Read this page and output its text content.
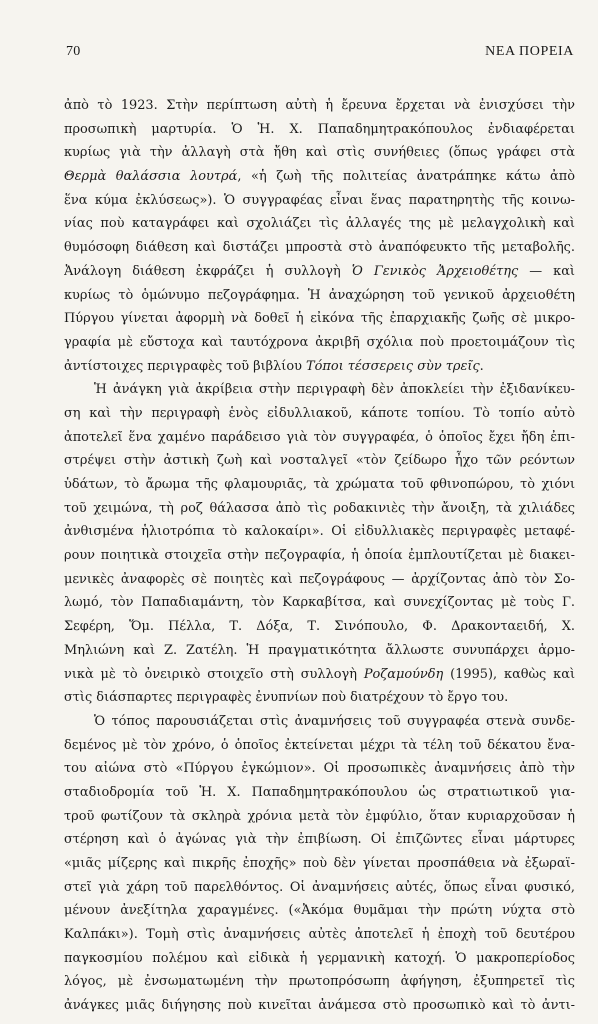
70	ΝΕΑ ΠΟΡΕΙΑ
ἀπὸ τὸ 1923. Στὴν περίπτωση αὐτὴ ἡ ἔρευνα ἔρχεται νὰ ἐνισχύσει τὴν
προσωπικὴ μαρτυρία. Ὁ Ἡ. Χ. Παπαδημητρακόπουλος ἐνδιαφέρεται
κυρίως γιὰ τὴν ἀλλαγὴ στὰ ἤθη καὶ στὶς συνήθειες (ὅπως γράφει στὰ
Θερμὰ θαλάσσια λουτρά, «ἡ ζωὴ τῆς πολιτείας ἀνατράπηκε κάτω ἀπὸ
ἕνα κύμα ἐκλύσεως»). Ὁ συγγραφέας εἶναι ἕνας παρατηρητὴς τῆς κοινω-
νίας ποὺ καταγράφει καὶ σχολιάζει τὶς ἀλλαγές της μὲ μελαγχολικὴ καὶ
θυμόσοφη διάθεση καὶ διστάζει μπροστὰ στὸ ἀναπόφευκτο τῆς μεταβολῆς.
Ἀνάλογη διάθεση ἐκφράζει ἡ συλλογὴ Ὁ Γενικὸς Ἀρχειοθέτης — καὶ
κυρίως τὸ ὁμώνυμο πεζογράφημα. Ἡ ἀναχώρηση τοῦ γενικοῦ ἀρχειοθέτη
Πύργου γίνεται ἀφορμὴ νὰ δοθεῖ ἡ εἰκόνα τῆς ἐπαρχιακῆς ζωῆς σὲ μικρο-
γραφία μὲ εὔστοχα καὶ ταυτόχρονα ἀκριβῆ σχόλια ποὺ προετοιμάζουν τὶς
ἀντίστοιχες περιγραφὲς τοῦ βιβλίου Τόποι τέσσερεις σὺν τρεῖς.
Ἡ ἀνάγκη γιὰ ἀκρίβεια στὴν περιγραφὴ δὲν ἀποκλείει τὴν ἐξιδανίκευ-
ση καὶ τὴν περιγραφὴ ἑνὸς εἰδυλλιακοῦ, κάποτε τοπίου. Τὸ τοπίο αὐτὸ
ἀποτελεῖ ἕνα χαμένο παράδεισο γιὰ τὸν συγγραφέα, ὁ ὁποῖος ἔχει ἤδη ἐπι-
στρέψει στὴν ἀστικὴ ζωὴ καὶ νοσταλγεῖ «τὸν ζείδωρο ἦχο τῶν ρεόντων
ὑδάτων, τὸ ἄρωμα τῆς φλαμουριᾶς, τὰ χρώματα τοῦ φθινοπώρου, τὸ χιόνι
τοῦ χειμώνα, τὴ ροζ θάλασσα ἀπὸ τὶς ροδακινιὲς τὴν ἄνοιξη, τὰ χιλιάδες
ἀνθισμένα ἡλιοτρόπια τὸ καλοκαίρι». Οἱ εἰδυλλιακὲς περιγραφὲς μεταφέ-
ρουν ποιητικὰ στοιχεῖα στὴν πεζογραφία, ἡ ὁποία ἐμπλουτίζεται μὲ διακει-
μενικὲς ἀναφορὲς σὲ ποιητὲς καὶ πεζογράφους — ἀρχίζοντας ἀπὸ τὸν Σο-
λωμό, τὸν Παπαδιαμάντη, τὸν Καρκαβίτσα, καὶ συνεχίζοντας μὲ τοὺς Γ.
Σεφέρη, Ὅμ. Πέλλα, Τ. Δόξα, Τ. Σινόπουλο, Φ. Δρακονταειδή, Χ.
Μηλιώνη καὶ Ζ. Ζατέλη. Ἡ πραγματικότητα ἄλλωστε συνυπάρχει ἁρμο-
νικὰ μὲ τὸ ὀνειρικὸ στοιχεῖο στὴ συλλογὴ Ροζαμούνδη (1995), καθὼς καὶ
στὶς διάσπαρτες περιγραφὲς ἐνυπνίων ποὺ διατρέχουν τὸ ἔργο του.
Ὁ τόπος παρουσιάζεται στὶς ἀναμνήσεις τοῦ συγγραφέα στενὰ συνδε-
δεμένος μὲ τὸν χρόνο, ὁ ὁποῖος ἐκτείνεται μέχρι τὰ τέλη τοῦ δέκατου ἔνα-
του αἰώνα στὸ «Πύργου ἐγκώμιον». Οἱ προσωπικὲς ἀναμνήσεις ἀπὸ τὴν
σταδιοδρομία τοῦ Ἡ. Χ. Παπαδημητρακόπουλου ὡς στρατιωτικοῦ για-
τροῦ φωτίζουν τὰ σκληρὰ χρόνια μετὰ τὸν ἐμφύλιο, ὅταν κυριαρχοῦσαν ἡ
στέρηση καὶ ὁ ἀγώνας γιὰ τὴν ἐπιβίωση. Οἱ ἐπιζῶντες εἶναι μάρτυρες
«μιᾶς μίζερης καὶ πικρῆς ἐποχῆς» ποὺ δὲν γίνεται προσπάθεια νὰ ἐξωραϊ-
στεῖ γιὰ χάρη τοῦ παρελθόντος. Οἱ ἀναμνήσεις αὐτές, ὅπως εἶναι φυσικό,
μένουν ἀνεξίτηλα χαραγμένες. («Ἀκόμα θυμᾶμαι τὴν πρώτη νύχτα στὸ
Καλπάκι»). Τομὴ στὶς ἀναμνήσεις αὐτὲς ἀποτελεῖ ἡ ἐποχὴ τοῦ δευτέρου
παγκοσμίου πολέμου καὶ εἰδικὰ ἡ γερμανικὴ κατοχή. Ὁ μακροπερίοδος
λόγος, μὲ ἐνσωματωμένη τὴν πρωτοπρόσωπη ἀφήγηση, ἐξυπηρετεῖ τὶς
ἀνάγκες μιᾶς διήγησης ποὺ κινεῖται ἀνάμεσα στὸ προσωπικὸ καὶ τὸ ἀντι-
